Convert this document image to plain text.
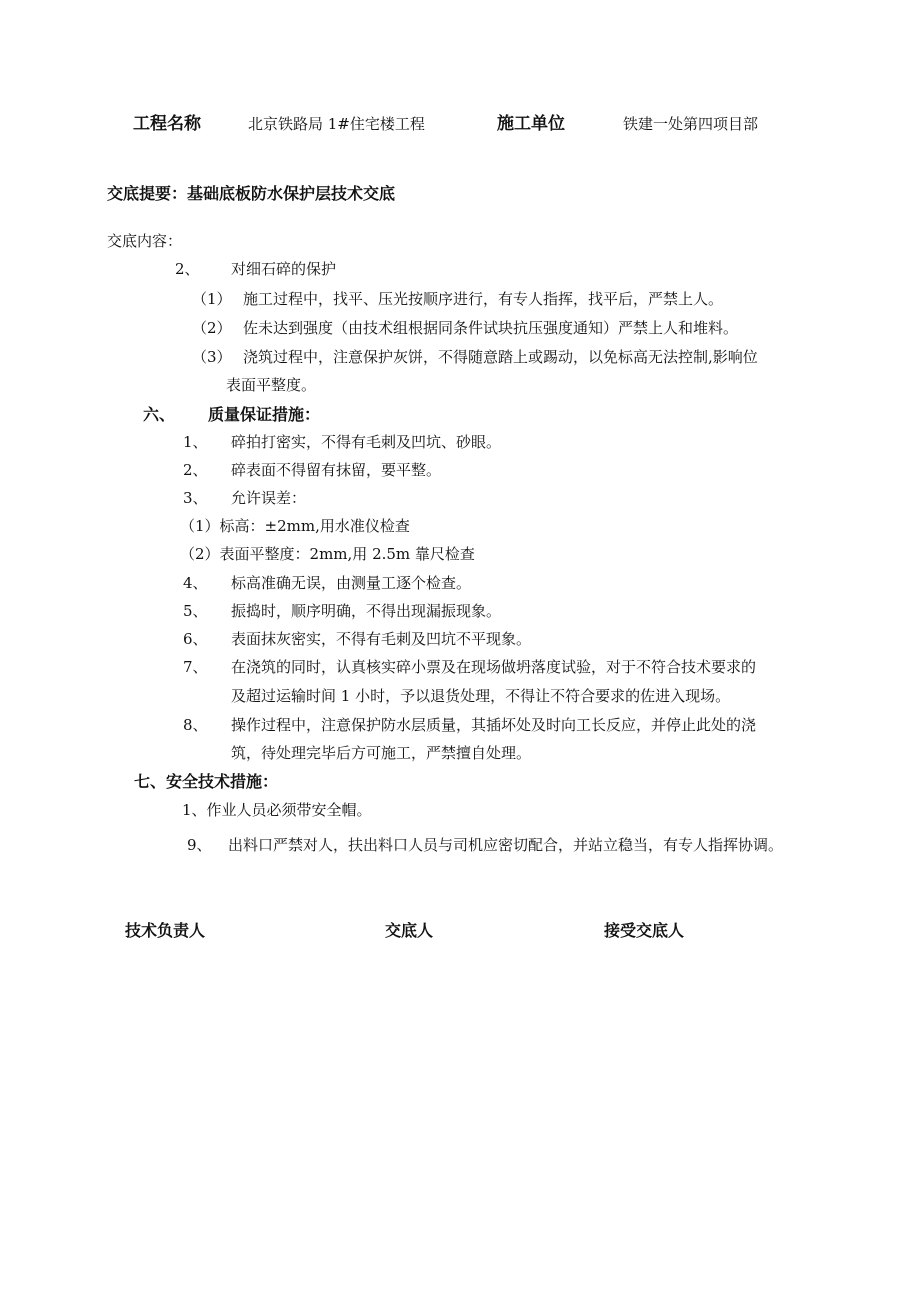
工程名称	北京铁路局 1#住宅楼工程	施工单位	铁建一处第四项目部
交底提要：基础底板防水保护层技术交底
交底内容：
2、 对细石碎的保护
（1） 施工过程中，找平、压光按顺序进行，有专人指挥，找平后，严禁上人。
（2） 佐未达到强度（由技术组根据同条件试块抗压强度通知）严禁上人和堆料。
（3） 浇筑过程中，注意保护灰饼，不得随意踏上或踢动，以免标高无法控制,影响位
表面平整度。
六、 质量保证措施：
1、 碎拍打密实，不得有毛刺及凹坑、砂眼。
2、 碎表面不得留有抹留，要平整。
3、 允许误差：
（1）标高：±2mm,用水准仪检查
（2）表面平整度：2mm,用 2.5m 靠尺检查
4、 标高准确无误，由测量工逐个检查。
5、 振捣时，顺序明确，不得出现漏振现象。
6、 表面抹灰密实，不得有毛刺及凹坑不平现象。
7、 在浇筑的同时，认真核实碎小票及在现场做坍落度试验，对于不符合技术要求的
及超过运输时间 1 小时，予以退货处理，不得让不符合要求的佐进入现场。
8、 操作过程中，注意保护防水层质量，其插坏处及时向工长反应，并停止此处的浇
筑，待处理完毕后方可施工，严禁擅自处理。
七、安全技术措施：
1、作业人员必须带安全帽。
9、 出料口严禁对人，扶出料口人员与司机应密切配合，并站立稳当，有专人指挥协调。
技术负责人	交底人	接受交底人
